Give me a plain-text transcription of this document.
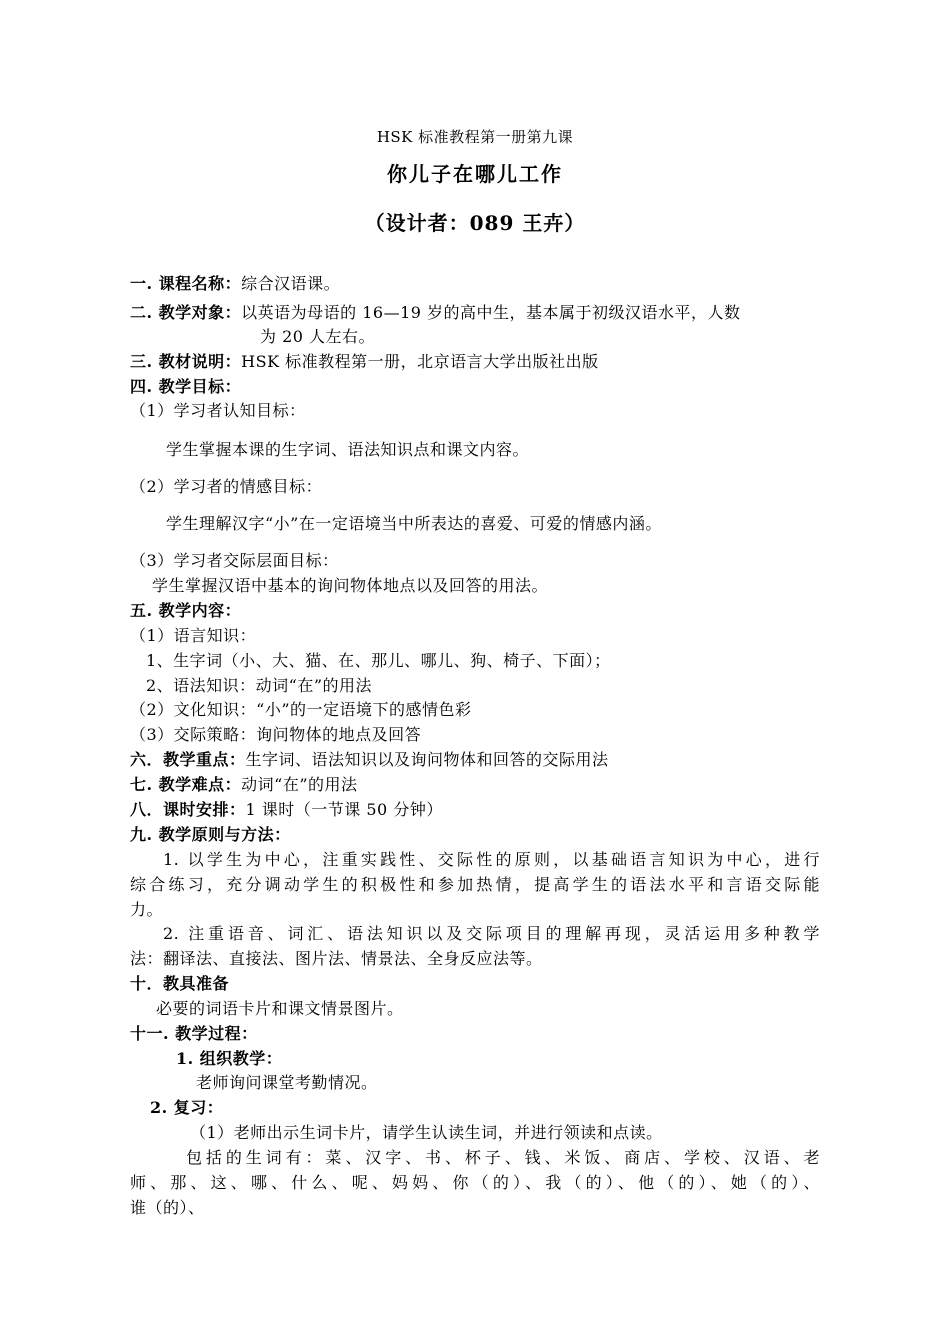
HSK 标准教程第一册第九课
你儿子在哪儿工作
（设计者：089 王卉）
一. 课程名称：综合汉语课。
二. 教学对象：以英语为母语的 16—19 岁的高中生，基本属于初级汉语水平，人数
为 20 人左右。
三. 教材说明：HSK 标准教程第一册，北京语言大学出版社出版
四. 教学目标：
（1）学习者认知目标：
学生掌握本课的生字词、语法知识点和课文内容。
（2）学习者的情感目标：
学生理解汉字“小”在一定语境当中所表达的喜爱、可爱的情感内涵。
（3）学习者交际层面目标：
学生掌握汉语中基本的询问物体地点以及回答的用法。
五. 教学内容：
（1）语言知识：
1、生字词（小、大、猫、在、那儿、哪儿、狗、椅子、下面）；
2、语法知识：动词“在”的用法
（2）文化知识：“小”的一定语境下的感情色彩
（3）交际策略：询问物体的地点及回答
六．教学重点：生字词、语法知识以及询问物体和回答的交际用法
七. 教学难点：动词“在”的用法
八．课时安排：1 课时（一节课 50 分钟）
九. 教学原则与方法：
1. 以学生为中心，注重实践性、交际性的原则，以基础语言知识为中心，进行
综合练习，充分调动学生的积极性和参加热情，提高学生的语法水平和言语交际能
力。
2. 注重语音、词汇、语法知识以及交际项目的理解再现，灵活运用多种教学
法：翻译法、直接法、图片法、情景法、全身反应法等。
十．教具准备
必要的词语卡片和课文情景图片。
十一. 教学过程：
1. 组织教学：
老师询问课堂考勤情况。
2. 复习：
（1）老师出示生词卡片，请学生认读生词，并进行领读和点读。
包括的生词有：菜、汉字、书、杯子、钱、米饭、商店、学校、汉语、老
师、那、这、哪、什么、呢、妈妈、你（的）、我（的）、他（的）、她（的）、
谁（的）、
